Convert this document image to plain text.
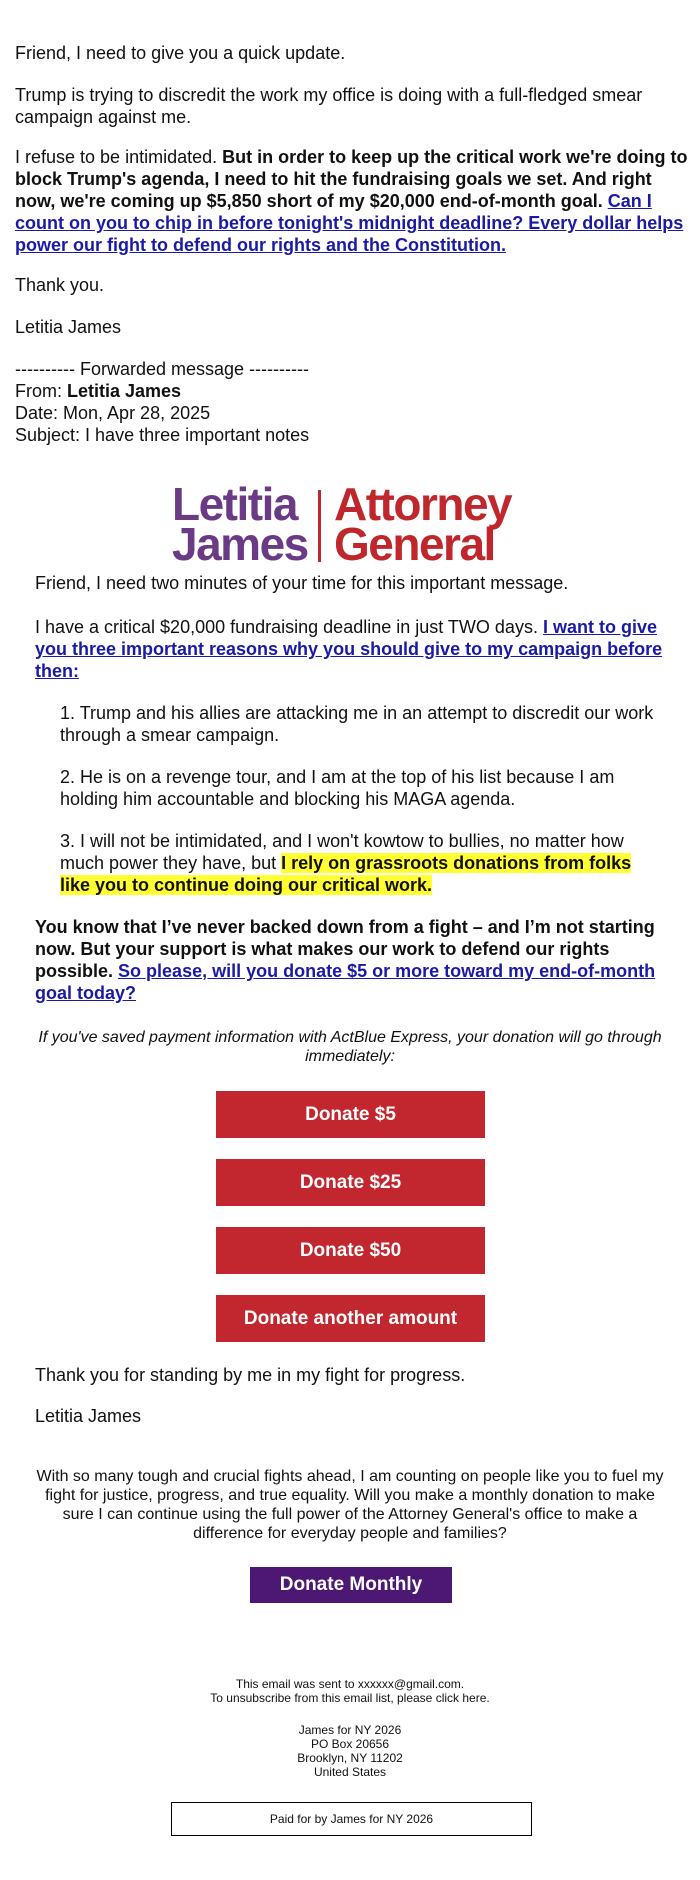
Friend, I need to give you a quick update.
Trump is trying to discredit the work my office is doing with a full-fledged smear campaign against me.
I refuse to be intimidated. But in order to keep up the critical work we're doing to block Trump's agenda, I need to hit the fundraising goals we set. And right now, we're coming up $5,850 short of my $20,000 end-of-month goal. Can I count on you to chip in before tonight's midnight deadline? Every dollar helps power our fight to defend our rights and the Constitution.
Thank you.
Letitia James
---------- Forwarded message ----------
From: Letitia James
Date: Mon, Apr 28, 2025
Subject: I have three important notes
Letitia
James
Attorney
General
Friend, I need two minutes of your time for this important message.
I have a critical $20,000 fundraising deadline in just TWO days. I want to give you three important reasons why you should give to my campaign before then:
1. Trump and his allies are attacking me in an attempt to discredit our work through a smear campaign.
2. He is on a revenge tour, and I am at the top of his list because I am holding him accountable and blocking his MAGA agenda.
3. I will not be intimidated, and I won't kowtow to bullies, no matter how much power they have, but I rely on grassroots donations from folks like you to continue doing our critical work.
You know that I’ve never backed down from a fight – and I’m not starting now. But your support is what makes our work to defend our rights possible. So please, will you donate $5 or more toward my end-of-month goal today?
If you've saved payment information with ActBlue Express, your donation will go through immediately:
Donate $5
Donate $25
Donate $50
Donate another amount
Thank you for standing by me in my fight for progress.
Letitia James
With so many tough and crucial fights ahead, I am counting on people like you to fuel my fight for justice, progress, and true equality. Will you make a monthly donation to make sure I can continue using the full power of the Attorney General's office to make a difference for everyday people and families?
Donate Monthly
This email was sent to xxxxxx@gmail.com.
To unsubscribe from this email list, please click here.
James for NY 2026
PO Box 20656
Brooklyn, NY 11202
United States
Paid for by James for NY 2026
